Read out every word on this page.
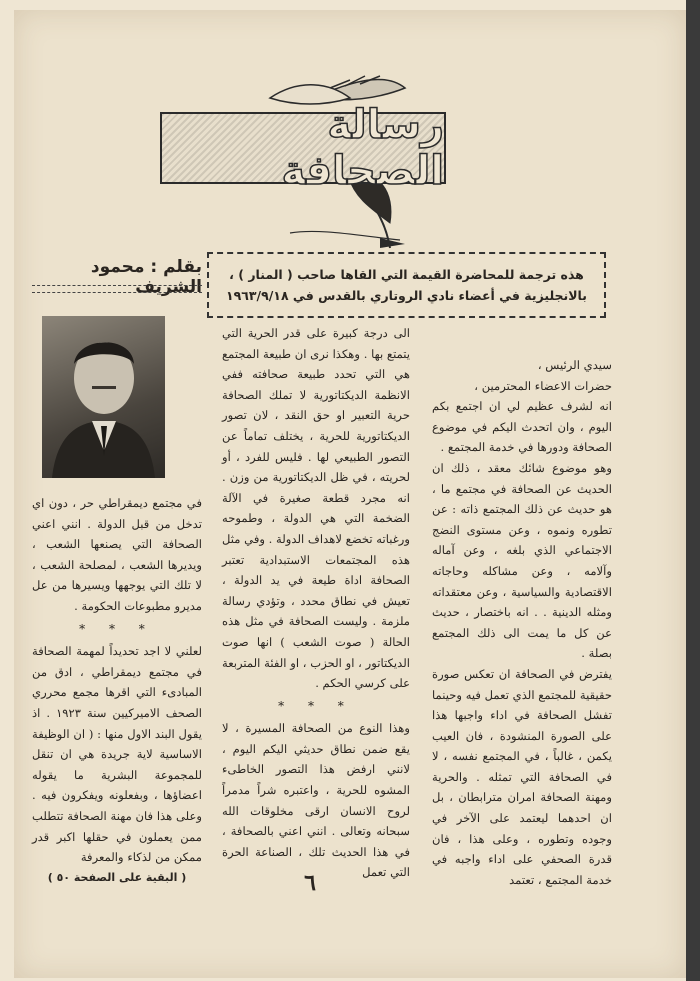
رسالة الصحافة
بقلم : محمود الشريف
هذه ترجمة للمحاضرة القيمة التي القاها صاحب ( المنار ) ،
بالانجليزية في أعضاء نادي الروتاري بالقدس في ١٩٦٣/٩/١٨

سيدي الرئيس ،

حضرات الاعضاء المحترمين ،

انه لشرف عظيم لي ان اجتمع بكم اليوم ، وان اتحدث اليكم في موضوع الصحافة ودورها في خدمة المجتمع .

وهو موضوع شائك معقد ، ذلك ان الحديث عن الصحافة في مجتمع ما ، هو حديث عن ذلك المجتمع ذاته : عن تطوره ونموه ، وعن مستوى النضج الاجتماعي الذي بلغه ، وعن آماله وآلامه ، وعن مشاكله وحاجاته الاقتصادية والسياسية ، وعن معتقداته ومثله الدينية . . انه باختصار ، حديث عن كل ما يمت الى ذلك المجتمع بصلة .

يفترض في الصحافة ان تعكس صورة حقيقية للمجتمع الذي تعمل فيه وحينما تفشل الصحافة في اداء واجبها هذا على الصورة المنشودة ، فان العيب يكمن ، غالباً ، في المجتمع نفسه ، لا في الصحافة التي تمثله . والحرية ومهنة الصحافة امران مترابطان ، بل ان احدهما ليعتمد على الآخر في وجوده وتطوره ، وعلى هذا ، فان قدرة الصحفي على اداء واجبه في خدمة المجتمع ، تعتمد

الى درجة كبيرة على قدر الحرية التي يتمتع بها . وهكذا نرى ان طبيعة المجتمع هي التي تحدد طبيعة صحافته ففي الانظمة الديكتاتورية لا تملك الصحافة حرية التعبير او حق النقد ، لان تصور الديكتاتورية للحرية ، يختلف تماماً عن التصور الطبيعي لها . فليس للفرد ، أو لحريته ، في ظل الديكتاتورية من وزن . انه مجرد قطعة صغيرة في الآلة الضخمة التي هي الدولة ، وطموحه ورغباته تخضع لاهداف الدولة . وفي مثل هذه المجتمعات الاستبدادية تعتبر الصحافة اداة طيعة في يد الدولة ، تعيش في نطاق محدد ، وتؤدي رسالة ملزمة . وليست الصحافة في مثل هذه الحالة ( صوت الشعب ) انها صوت الديكتاتور ، او الحزب ، او الفئة المتربعة على كرسي الحكم .

* * *

وهذا النوع من الصحافة المسيرة ، لا يقع ضمن نطاق حديثي اليكم اليوم ، لانني ارفض هذا التصور الخاطىء المشوه للحرية ، واعتبره شراً مدمراً لروح الانسان ارقى مخلوقات الله سبحانه وتعالى . انني اعني بالصحافة ، في هذا الحديث تلك ، الصناعة الحرة التي تعمل

في مجتمع ديمقراطي حر ، دون اي تدخل من قبل الدولة . انني اعني الصحافة التي يصنعها الشعب ، ويديرها الشعب ، لمصلحة الشعب ، لا تلك التي يوجهها ويسيرها من عل مديرو مطبوعات الحكومة .

* * *

لعلني لا اجد تحديداً لمهمة الصحافة في مجتمع ديمقراطي ، ادق من المبادىء التي اقرها مجمع محرري الصحف الاميركيين سنة ١٩٢٣ . اذ يقول البند الاول منها : ( ان الوظيفة الاساسية لاية جريدة هي ان تنقل للمجموعة البشرية ما يقوله اعضاؤها ، وبفعلونه ويفكرون فيه . وعلى هذا فان مهنة الصحافة تتطلب ممن يعملون في حقلها اكبر قدر ممكن من لذكاء والمعرفة

( البقية على الصفحة ٥٠ )	٦
